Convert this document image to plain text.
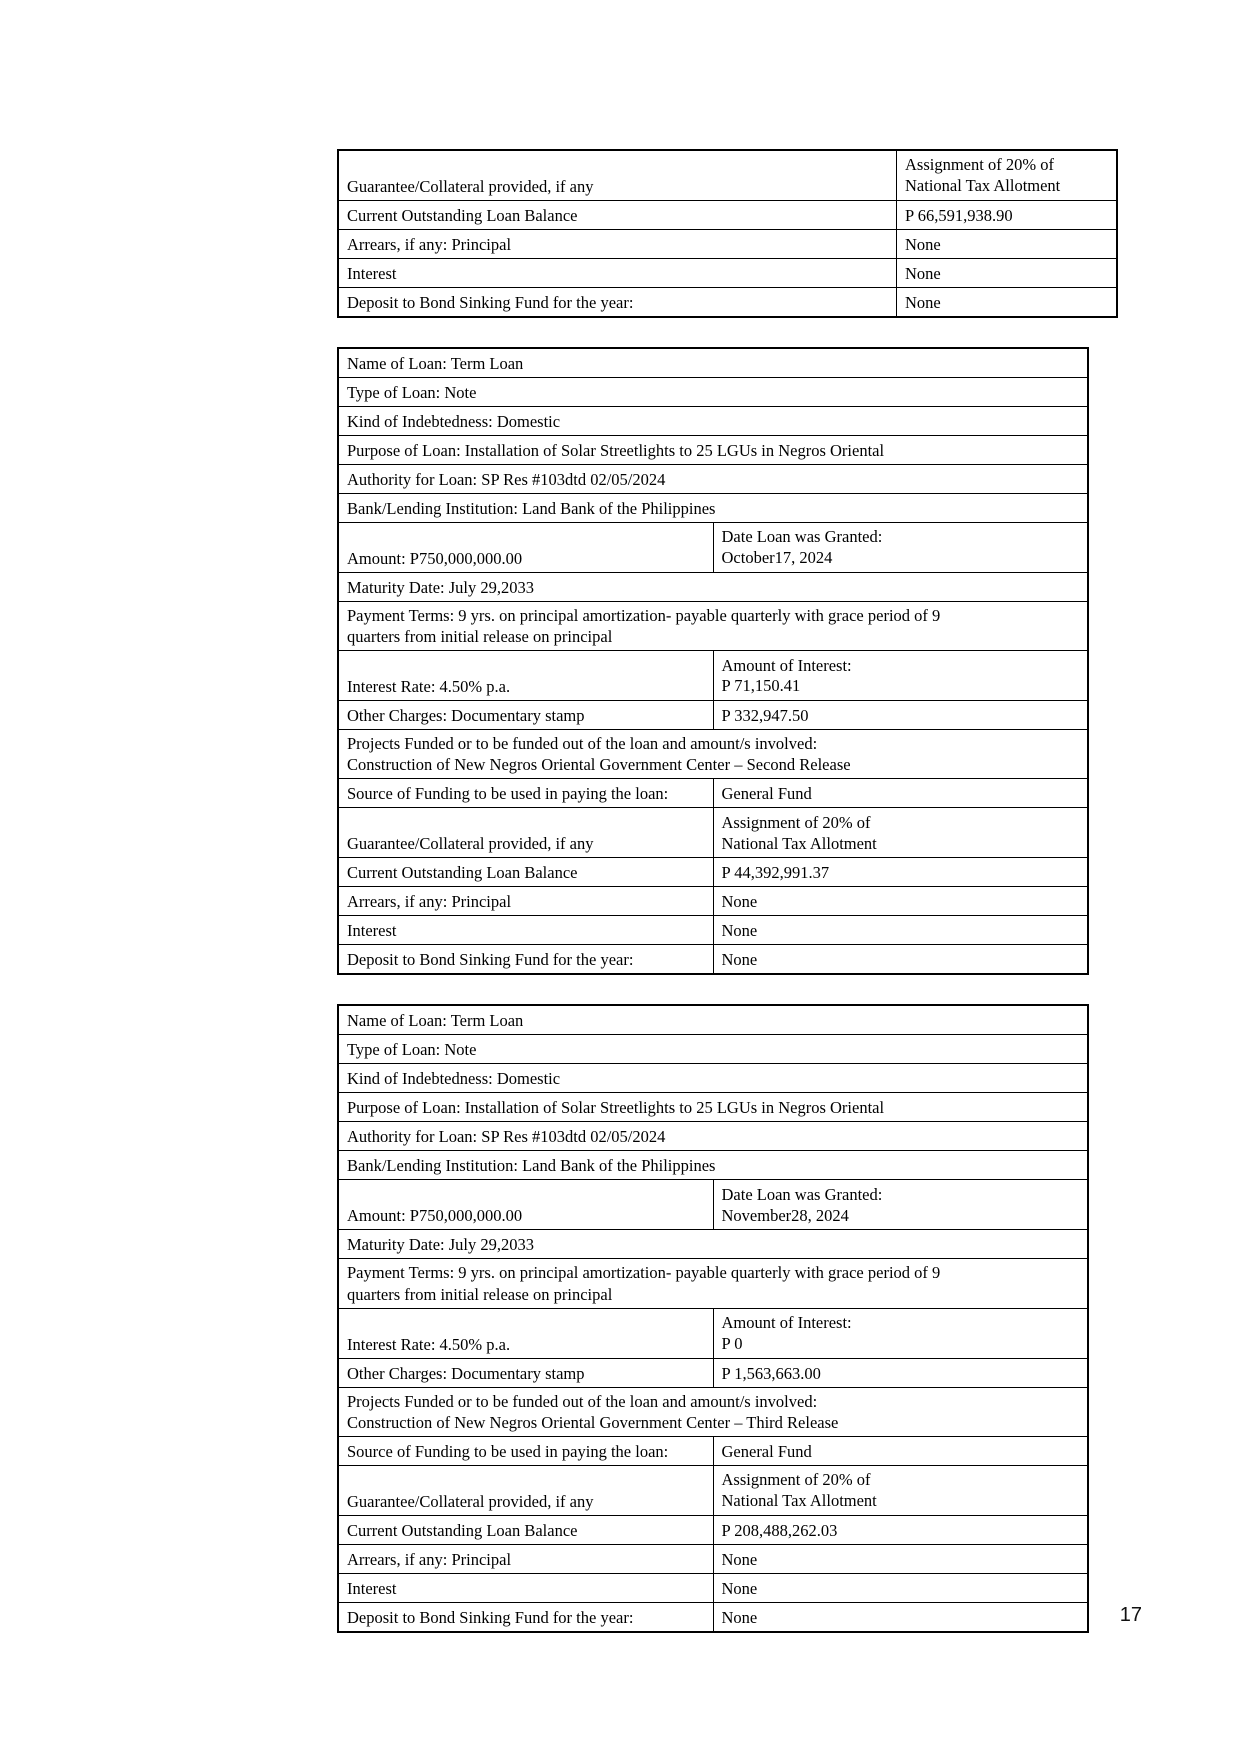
Guarantee/Collateral provided, if any	Assignment of 20% of
National Tax Allotment

Current Outstanding Loan Balance	P 66,591,938.90
Arrears, if any: Principal	None
Interest	None
Deposit to Bond Sinking Fund for the year:	None
Name of Loan: Term Loan	
Type of Loan: Note	
Kind of Indebtedness: Domestic	
Purpose of Loan: Installation of Solar Streetlights to 25 LGUs in Negros Oriental	
Authority for Loan: SP Res #103dtd 02/05/2024	
Bank/Lending Institution: Land Bank of the Philippines	
Amount: P750,000,000.00	Date Loan was Granted:
October17, 2024

Maturity Date: July 29,2033	

Payment Terms: 9 yrs. on principal amortization- payable quarterly with grace period of 9
quarters from initial release on principal	

Interest Rate: 4.50% p.a.	Amount of Interest:
P 71,150.41

Other Charges: Documentary stamp	P 332,947.50

Projects Funded or to be funded out of the loan and amount/s involved:
Construction of New Negros Oriental Government Center – Second Release	

Source of Funding to be used in paying the loan:	General Fund
Guarantee/Collateral provided, if any	Assignment of 20% of
National Tax Allotment

Current Outstanding Loan Balance	P 44,392,991.37
Arrears, if any: Principal	None
Interest	None
Deposit to Bond Sinking Fund for the year:	None
Name of Loan: Term Loan	
Type of Loan: Note	
Kind of Indebtedness: Domestic	
Purpose of Loan: Installation of Solar Streetlights to 25 LGUs in Negros Oriental	
Authority for Loan: SP Res #103dtd 02/05/2024	
Bank/Lending Institution: Land Bank of the Philippines	
Amount: P750,000,000.00	Date Loan was Granted:
November28, 2024

Maturity Date: July 29,2033	

Payment Terms: 9 yrs. on principal amortization- payable quarterly with grace period of 9
quarters from initial release on principal	

Interest Rate: 4.50% p.a.	Amount of Interest:
P 0

Other Charges: Documentary stamp	P 1,563,663.00

Projects Funded or to be funded out of the loan and amount/s involved:
Construction of New Negros Oriental Government Center – Third Release	

Source of Funding to be used in paying the loan:	General Fund
Guarantee/Collateral provided, if any	Assignment of 20% of
National Tax Allotment

Current Outstanding Loan Balance	P 208,488,262.03
Arrears, if any: Principal	None
Interest	None
Deposit to Bond Sinking Fund for the year:	None	17
